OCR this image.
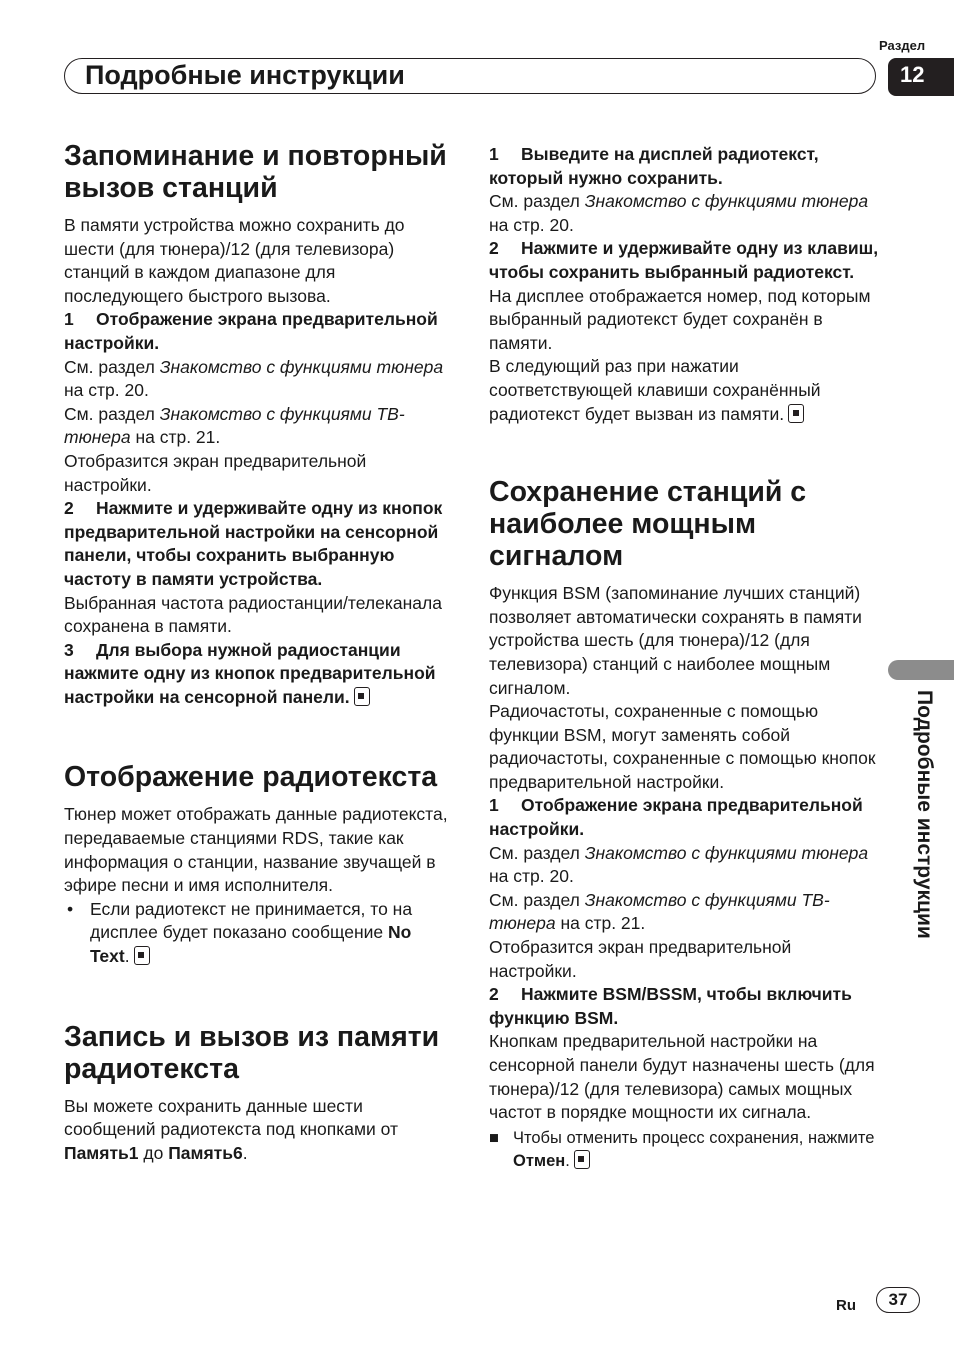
Раздел
12
Подробные инструкции
Подробные инструкции
Запоминание и повторный вызов станций

В памяти устройства можно сохранить до шести (для тюнера)/12 (для телевизора) станций в каждом диапазоне для последующего быстрого вызова.

1 Отображение экрана предварительной настройки.

См. раздел Знакомство с функциями тюнера на стр. 20.

См. раздел Знакомство с функциями ТВ-тюнера на стр. 21.

Отобразится экран предварительной настройки.

2 Нажмите и удерживайте одну из кнопок предварительной настройки на сенсорной панели, чтобы сохранить выбранную частоту в памяти устройства.

Выбранная частота радиостанции/телеканала сохранена в памяти.

3 Для выбора нужной радиостанции нажмите одну из кнопок предварительной настройки на сенсорной панели.

Отображение радиотекста

Тюнер может отображать данные радиотекста, передаваемые станциями RDS, такие как информация о станции, название звучащей в эфире песни и имя исполнителя.

• Если радиотекст не принимается, то на дисплее будет показано сообщение No Text.
Запись и вызов из памяти радиотекста

Вы можете сохранить данные шести сообщений радиотекста под кнопками от Память1 до Память6.

1 Выведите на дисплей радиотекст, который нужно сохранить.

См. раздел Знакомство с функциями тюнера на стр. 20.

2 Нажмите и удерживайте одну из клавиш, чтобы сохранить выбранный радиотекст.

На дисплее отображается номер, под которым выбранный радиотекст будет сохранён в памяти.

В следующий раз при нажатии соответствующей клавиши сохранённый радиотекст будет вызван из памяти.

Сохранение станций с наиболее мощным сигналом

Функция BSM (запоминание лучших станций) позволяет автоматически сохранять в памяти устройства шесть (для тюнера)/12 (для телевизора) станций с наиболее мощным сигналом.

Радиочастоты, сохраненные с помощью функции BSM, могут заменять собой радиочастоты, сохраненные с помощью кнопок предварительной настройки.

1 Отображение экрана предварительной настройки.

См. раздел Знакомство с функциями тюнера на стр. 20.

См. раздел Знакомство с функциями ТВ-тюнера на стр. 21.

Отобразится экран предварительной настройки.

2 Нажмите BSM/BSSM, чтобы включить функцию BSM.

Кнопкам предварительной настройки на сенсорной панели будут назначены шесть (для тюнера)/12 (для телевизора) самых мощных частот в порядке мощности их сигнала.

■ Чтобы отменить процесс сохранения, нажмите Отмен.
Ru	37
